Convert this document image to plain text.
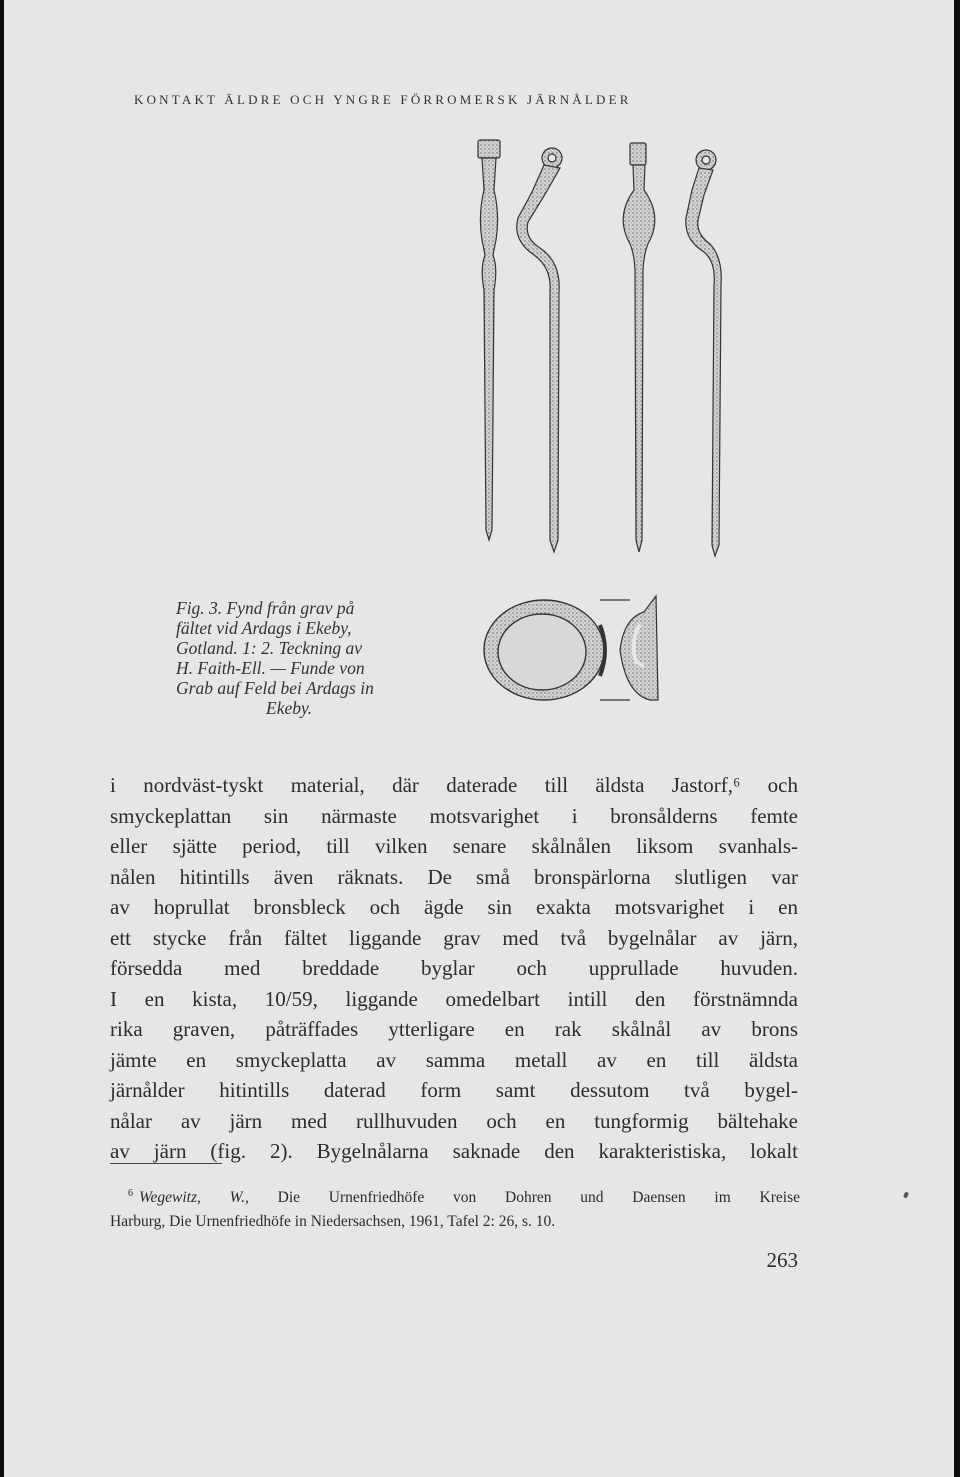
KONTAKT ÄLDRE OCH YNGRE FÖRROMERSK JÄRNÅLDER
Fig. 3. Fynd från grav på
fältet vid Ardags i Ekeby,
Gotland. 1: 2. Teckning av
H. Faith-Ell. — Funde von
Grab auf Feld bei Ardags in
Ekeby.
i nordväst-tyskt material, där daterade till äldsta Jastorf,⁶ och
smyckeplattan sin närmaste motsvarighet i bronsålderns femte
eller sjätte period, till vilken senare skålnålen liksom svanhals-
nålen hitintills även räknats. De små bronspärlorna slutligen var
av hoprullat bronsbleck och ägde sin exakta motsvarighet i en
ett stycke från fältet liggande grav med två bygelnålar av järn,
försedda med breddade byglar och upprullade huvuden.
I en kista, 10/59, liggande omedelbart intill den förstnämnda
rika graven, påträffades ytterligare en rak skålnål av brons
jämte en smyckeplatta av samma metall av en till äldsta
järnålder hitintills daterad form samt dessutom två bygel-
nålar av järn med rullhuvuden och en tungformig bältehake
av järn (fig. 2). Bygelnålarna saknade den karakteristiska, lokalt
$^6$ Wegewitz, W., Die Urnenfriedhöfe von Dohren und Daensen im Kreise
Harburg, Die Urnenfriedhöfe in Niedersachsen, 1961, Tafel 2: 26, s. 10.
263
